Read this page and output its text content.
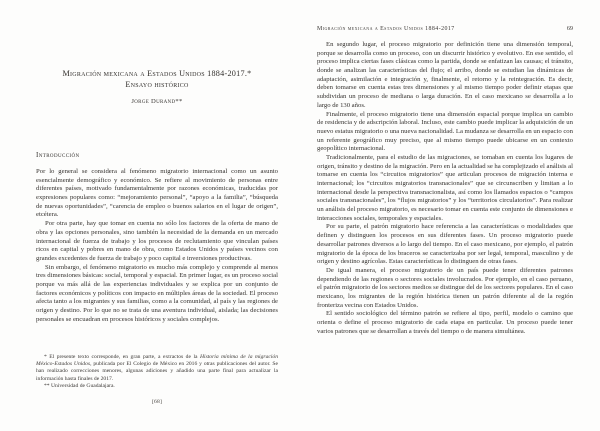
Migración mexicana a Estados Unidos 1884-2017.*
Ensayo histórico
Jorge Durand**
Introducción

Por lo general se considera al fenómeno migratorio internacional como un asunto esencialmente demográfico y económico. Se refiere al movimiento de personas entre diferentes países, motivado fundamentalmente por razones económicas, traducidas por expresiones populares como: “mejoramiento personal”, “apoyo a la familia”, “búsqueda de nuevas oportunidades”, “carencia de empleo o buenos salarios en el lugar de origen”, etcétera.

Por otra parte, hay que tomar en cuenta no sólo los factores de la oferta de mano de obra y las opciones personales, sino también la necesidad de la demanda en un mercado internacional de fuerza de trabajo y los procesos de reclutamiento que vinculan países ricos en capital y pobres en mano de obra, como Estados Unidos y países vecinos con grandes excedentes de fuerza de trabajo y poco capital e inversiones productivas.

Sin embargo, el fenómeno migratorio es mucho más complejo y comprende al menos tres dimensiones básicas: social, temporal y espacial. En primer lugar, es un proceso social porque va más allá de las experiencias individuales y se explica por un conjunto de factores económicos y políticos con impacto en múltiples áreas de la sociedad. El proceso afecta tanto a los migrantes y sus familias, como a la comunidad, al país y las regiones de origen y destino. Por lo que no se trata de una aventura individual, aislada; las decisiones personales se encuadran en procesos históricos y sociales complejos.

* El presente texto corresponde, en gran parte, a extractos de la Historia mínima de la migración México-Estados Unidos, publicada por El Colegio de México en 2016 y otras publicaciones del autor. Se han realizado correcciones menores, algunas adiciones y añadido una parte final para actualizar la información hasta finales de 2017.

** Universidad de Guadalajara.

[68]
Migración mexicana a Estados Unidos 1884-2017	69

En segundo lugar, el proceso migratorio por definición tiene una dimensión temporal, porque se desarrolla como un proceso, con un discurrir histórico y evolutivo. En ese sentido, el proceso implica ciertas fases clásicas como la partida, donde se enfatizan las causas; el tránsito, donde se analizan las características del flujo; el arribo, donde se estudian las dinámicas de adaptación, asimilación e integración y, finalmente, el retorno y la reintegración. Es decir, deben tomarse en cuenta estas tres dimensiones y al mismo tiempo poder definir etapas que subdividan un proceso de mediana o larga duración. En el caso mexicano se desarrolla a lo largo de 130 años.

Finalmente, el proceso migratorio tiene una dimensión espacial porque implica un cambio de residencia y de adscripción laboral. Incluso, este cambio puede implicar la adquisición de un nuevo estatus migratorio o una nueva nacionalidad. La mudanza se desarrolla en un espacio con un referente geográfico muy preciso, que al mismo tiempo puede ubicarse en un contexto geopolítico internacional.

Tradicionalmente, para el estudio de las migraciones, se tomaban en cuenta los lugares de origen, tránsito y destino de la migración. Pero en la actualidad se ha complejizado el análisis al tomarse en cuenta los “circuitos migratorios” que articulan procesos de migración interna e internacional; los “circuitos migratorios transnacionales” que se circunscriben y limitan a lo internacional desde la perspectiva transnacionalista, así como los llamados espacios o “campos sociales transnacionales”, los “flujos migratorios” y los “territorios circulatorios”. Para realizar un análisis del proceso migratorio, es necesario tomar en cuenta este conjunto de dimensiones e interacciones sociales, temporales y espaciales.

Por su parte, el patrón migratorio hace referencia a las características o modalidades que definen y distinguen los procesos en sus diferentes fases. Un proceso migratorio puede desarrollar patrones diversos a lo largo del tiempo. En el caso mexicano, por ejemplo, el patrón migratorio de la época de los braceros se caracterizaba por ser legal, temporal, masculino y de origen y destino agrícolas. Estas características lo distinguen de otras fases.

De igual manera, el proceso migratorio de un país puede tener diferentes patrones dependiendo de las regiones o sectores sociales involucrados. Por ejemplo, en el caso peruano, el patrón migratorio de los sectores medios se distingue del de los sectores populares. En el caso mexicano, los migrantes de la región histórica tienen un patrón diferente al de la región fronteriza vecina con Estados Unidos.

El sentido sociológico del término patrón se refiere al tipo, perfil, modelo o camino que orienta o define el proceso migratorio de cada etapa en particular. Un proceso puede tener varios patrones que se desarrollan a través del tiempo o de manera simultánea.
